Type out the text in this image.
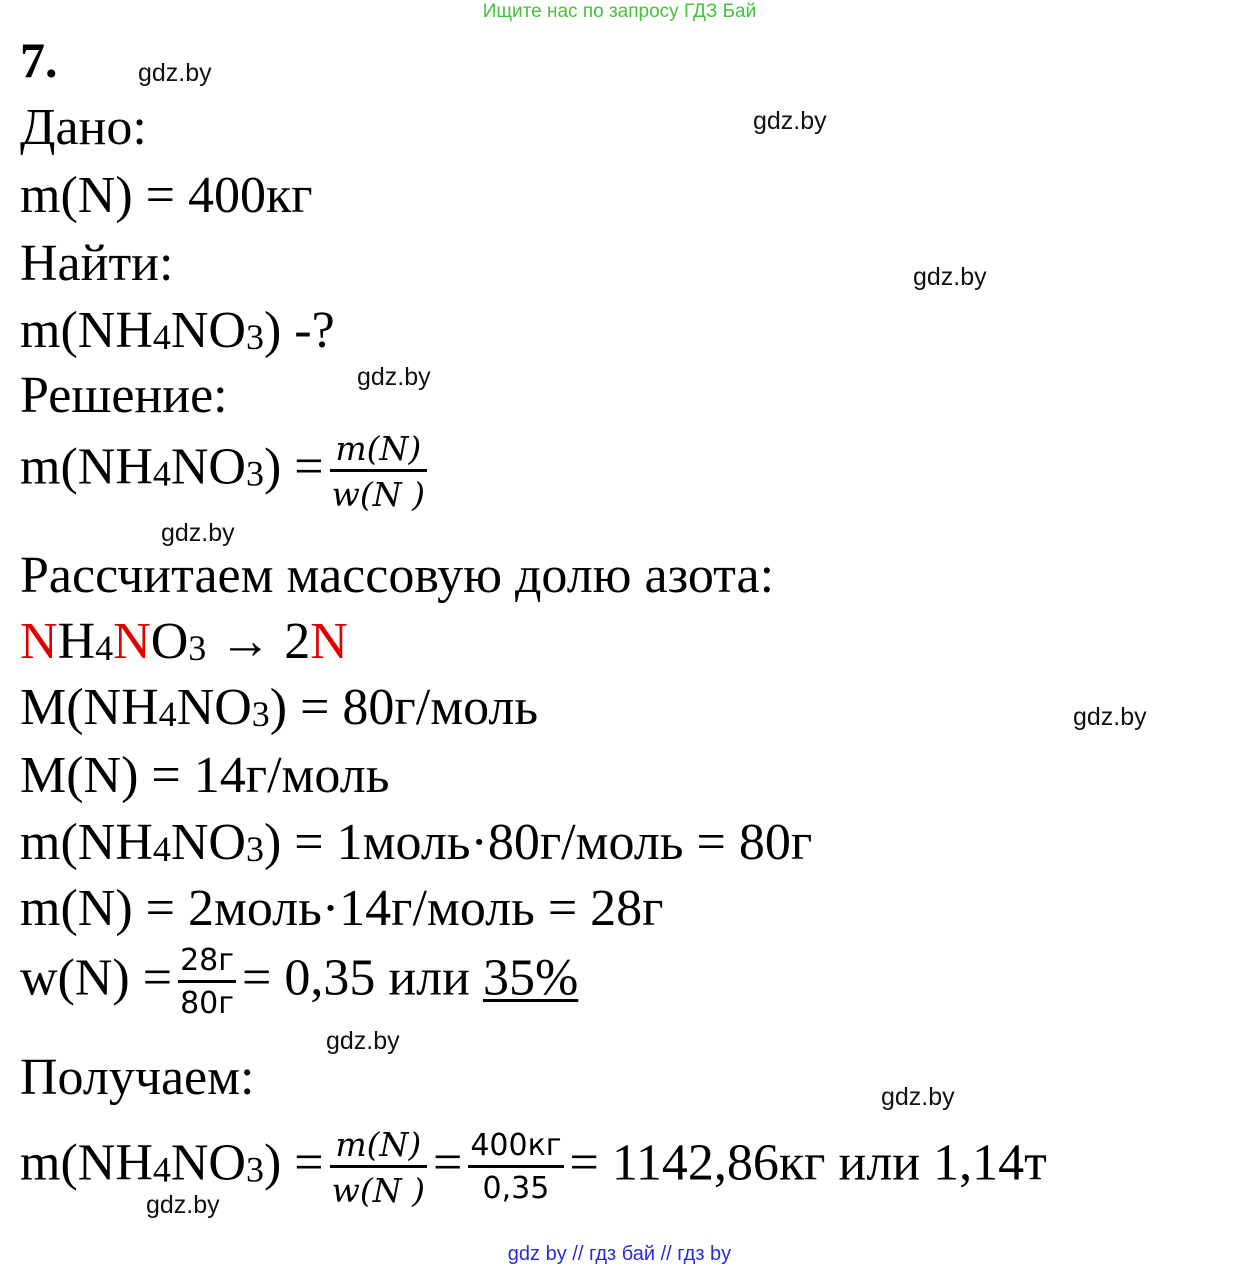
Ищите нас по запросу ГДЗ Бай
7.	gdz.by
gdz.by
gdz.by
gdz.by
gdz.by
gdz.by
gdz.by
gdz.by
gdz.by
Дано:
m(N) = 400кг
Найти:
m(NH4NO3) -?
Решение:
$m(NH4NO3) = \frac{m(N)}{w(N )}$
Рассчитаем массовую долю азота:
NH4NO3 → 2N
M(NH4NO3) = 80г/моль
M(N) = 14г/моль
m(NH4NO3) = 1моль·80г/моль = 80г
m(N) = 2моль·14г/моль = 28г
$w(N) = \frac{28г}{80г} = 0,35$ или 35%
Получаем:
$m(NH4NO3) = \frac{m(N)}{w(N )} = \frac{400кг}{0,35} = 1142,86кг$ или 1,14т
gdz by // гдз бай // гдз by
